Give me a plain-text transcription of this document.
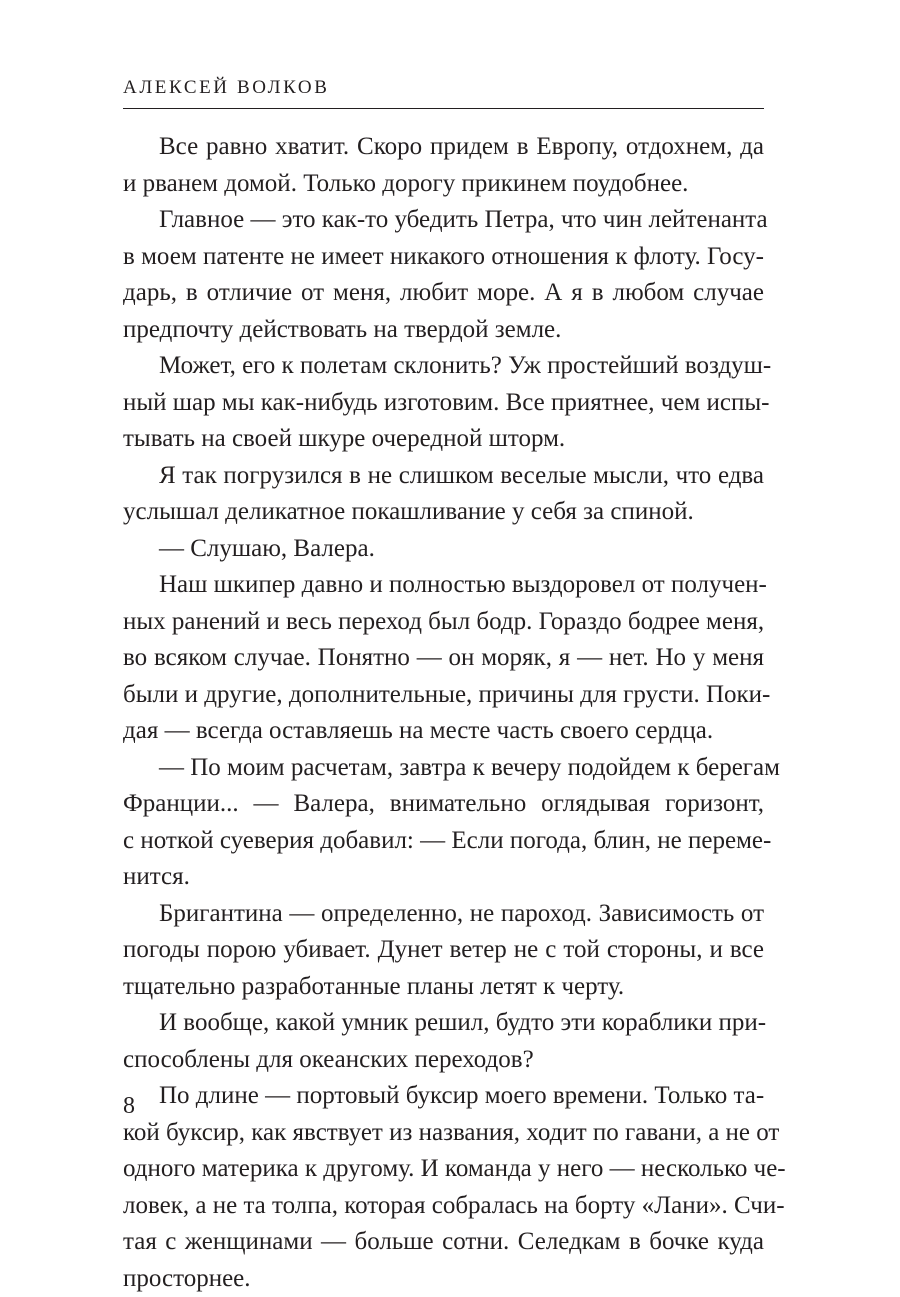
АЛЕКСЕЙ ВОЛКОВ
Все равно хватит. Скоро придем в Европу, отдохнем, да
и рванем домой. Только дорогу прикинем поудобнее.
Главное — это как-то убедить Петра, что чин лейтенанта
в моем патенте не имеет никакого отношения к флоту. Госу-
дарь, в отличие от меня, любит море. А я в любом случае
предпочту действовать на твердой земле.
Может, его к полетам склонить? Уж простейший воздуш-
ный шар мы как-нибудь изготовим. Все приятнее, чем испы-
тывать на своей шкуре очередной шторм.
Я так погрузился в не слишком веселые мысли, что едва
услышал деликатное покашливание у себя за спиной.
— Слушаю, Валера.
Наш шкипер давно и полностью выздоровел от получен-
ных ранений и весь переход был бодр. Гораздо бодрее меня,
во всяком случае. Понятно — он моряк, я — нет. Но у меня
были и другие, дополнительные, причины для грусти. Поки-
дая — всегда оставляешь на месте часть своего сердца.
— По моим расчетам, завтра к вечеру подойдем к берегам
Франции... — Валера, внимательно оглядывая горизонт,
с ноткой суеверия добавил: — Если погода, блин, не переме-
нится.
Бригантина — определенно, не пароход. Зависимость от
погоды порою убивает. Дунет ветер не с той стороны, и все
тщательно разработанные планы летят к черту.
И вообще, какой умник решил, будто эти кораблики при-
способлены для океанских переходов?
По длине — портовый буксир моего времени. Только та-
кой буксир, как явствует из названия, ходит по гавани, а не от
одного материка к другому. И команда у него — несколько че-
ловек, а не та толпа, которая собралась на борту «Лани». Счи-
тая с женщинами — больше сотни. Селедкам в бочке куда
просторнее.
8
